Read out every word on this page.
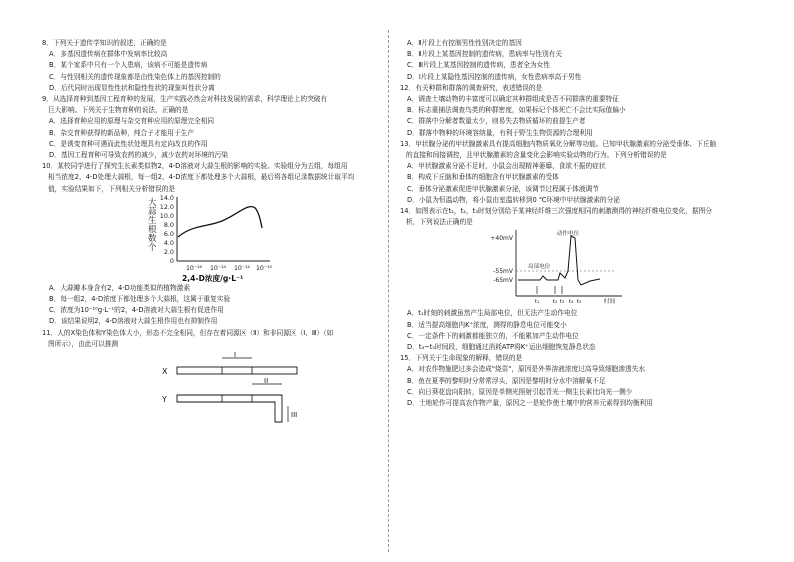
8．下列关于遗传学知识的叙述，正确的是
A．多基因遗传病在群体中发病率比较高
B．某个家系中只有一个人患病，该病不可能是遗传病
C．与性别相关的遗传现象都是由性染色体上的基因控制的
D．后代同时出现显性性状和隐性性状的现象叫性状分离
9．从选择育种到基因工程育种的发展，生产实践必然会对科技发展的需求，科学理论上的突破有
巨大影响。下列关于生物育种的说法，正确的是
A．选择育种应用的原理与杂交育种应用的原理完全相同
B．杂交育种获得的新品种，纯合子才能用于生产
C．是诱变育种可遇而此性状处理具有定向改良的作用
D．基因工程育种可导致农药的减少，减少农药对环境的污染
10．某校同学进行了探究生长素类似物2，4-D溶液对大蒜生根的影响的实验。实验组分为五组，每组用
相当浓度2，4-D处理大蒜根，每一组2，4-D浓度下都处理多个大蒜根，最后将各组记录数据统计取平均
值，实验结果如下，下列相关分析错误的是
大
蒜
生
根
数
个
14.0
12.0
10.0
8.0
6.0
4.0
2.0
0
10⁻¹⁶ 10⁻¹⁴ 10⁻¹² 10⁻¹⁰
2,4-D浓度/g·L⁻¹
A．大蒜瓣本身含有2，4-D功能类似的植物激素
B．每一组2，4-D浓度下都处理多个大蒜根，这属于重复实验
C．浓度为10⁻¹⁰g·L⁻¹的2，4-D溶液对大蒜生根有促进作用
D．该结果说明2，4-D溶液对大蒜生根作用也有抑制作用
11．人的X染色体和Y染色体大小，形态不完全相同，但存在着同源区（Ⅱ）和非同源区（Ⅰ、Ⅲ）（如
图所示），由此可以推测
X
Y
I
II
III
A．Ⅱ片段上有控制男性性别决定的基因
B．Ⅱ片段上某基因控制的遗传病，患病率与性别有关
C．Ⅲ片段上某基因控制的遗传病，患者全为女性
D．Ⅰ片段上某隐性基因控制的遗传病，女性患病率高于男性
12．有关种群和群落的调查研究，表述错误的是
A．调查土壤动物的丰富度可以确定其种群组成是否不同群落的重要特征
B．标志重捕法调查鸟类的种群密度，如果标记个体死亡不会比实际值偏小
C．群落中分解者数量太少，则易失去物质循环的前提生产者
D．群落中物种的环境容纳量，有利于野生生物资源的合理利用
13．甲状腺分泌的甲状腺激素具有提高细胞内物质氧化分解等功能。已知甲状腺激素的分泌受垂体、下丘脑
的直接和间接调控，且甲状腺激素的含量变化会影响实验动物的行为。下列分析错误的是
A．甲状腺激素分泌不足时，小鼠会出现精神萎靡，食欲不振的症状
B．构成下丘脑和垂体的细胞含有甲状腺激素的受体
C．垂体分泌激素促进甲状腺激素分泌，该调节过程属于体液调节
D．小鼠为恒温动物，将小鼠由室温转移到0 ℃环境中甲状腺激素的分泌
14．如图表示在t₁，t₂，t₃时刻分别给予某神经纤维三次强度相同的刺激测得的神经纤维电位变化，据图分
析，下列说法正确的是
+40mV
-55mV
-65mV
动作电位
局部电位
t₁ t₂ t₃ t₄ t₅	时间
A．t₁时刻的刺激虽然产生局部电位，但无法产生动作电位
B．适当提高细胞内K⁺浓度，测得的静息电位可能变小
C．一定条件下的刺激都能独立的，不能累加产生动作电位
D．t₄~t₅时间段，细胞通过消耗ATP将K⁺运出细胞恢复静息状态
15．下列关于生命现象的解释，错误的是
A．对农作物施肥过多会造成"烧苗"，原因是外界溶液浓度过高导致细胞渗透失水
B．鱼在夏季的黎明时分常常浮头，原因是黎明时分水中溶解氧不足
C．向日葵花盘向阳转，原因是单侧光照射引起背光一侧生长素比向光一侧少
D．土地轮作可提高农作物产量，原因之一是轮作使土壤中的营养元素得到均衡利用
